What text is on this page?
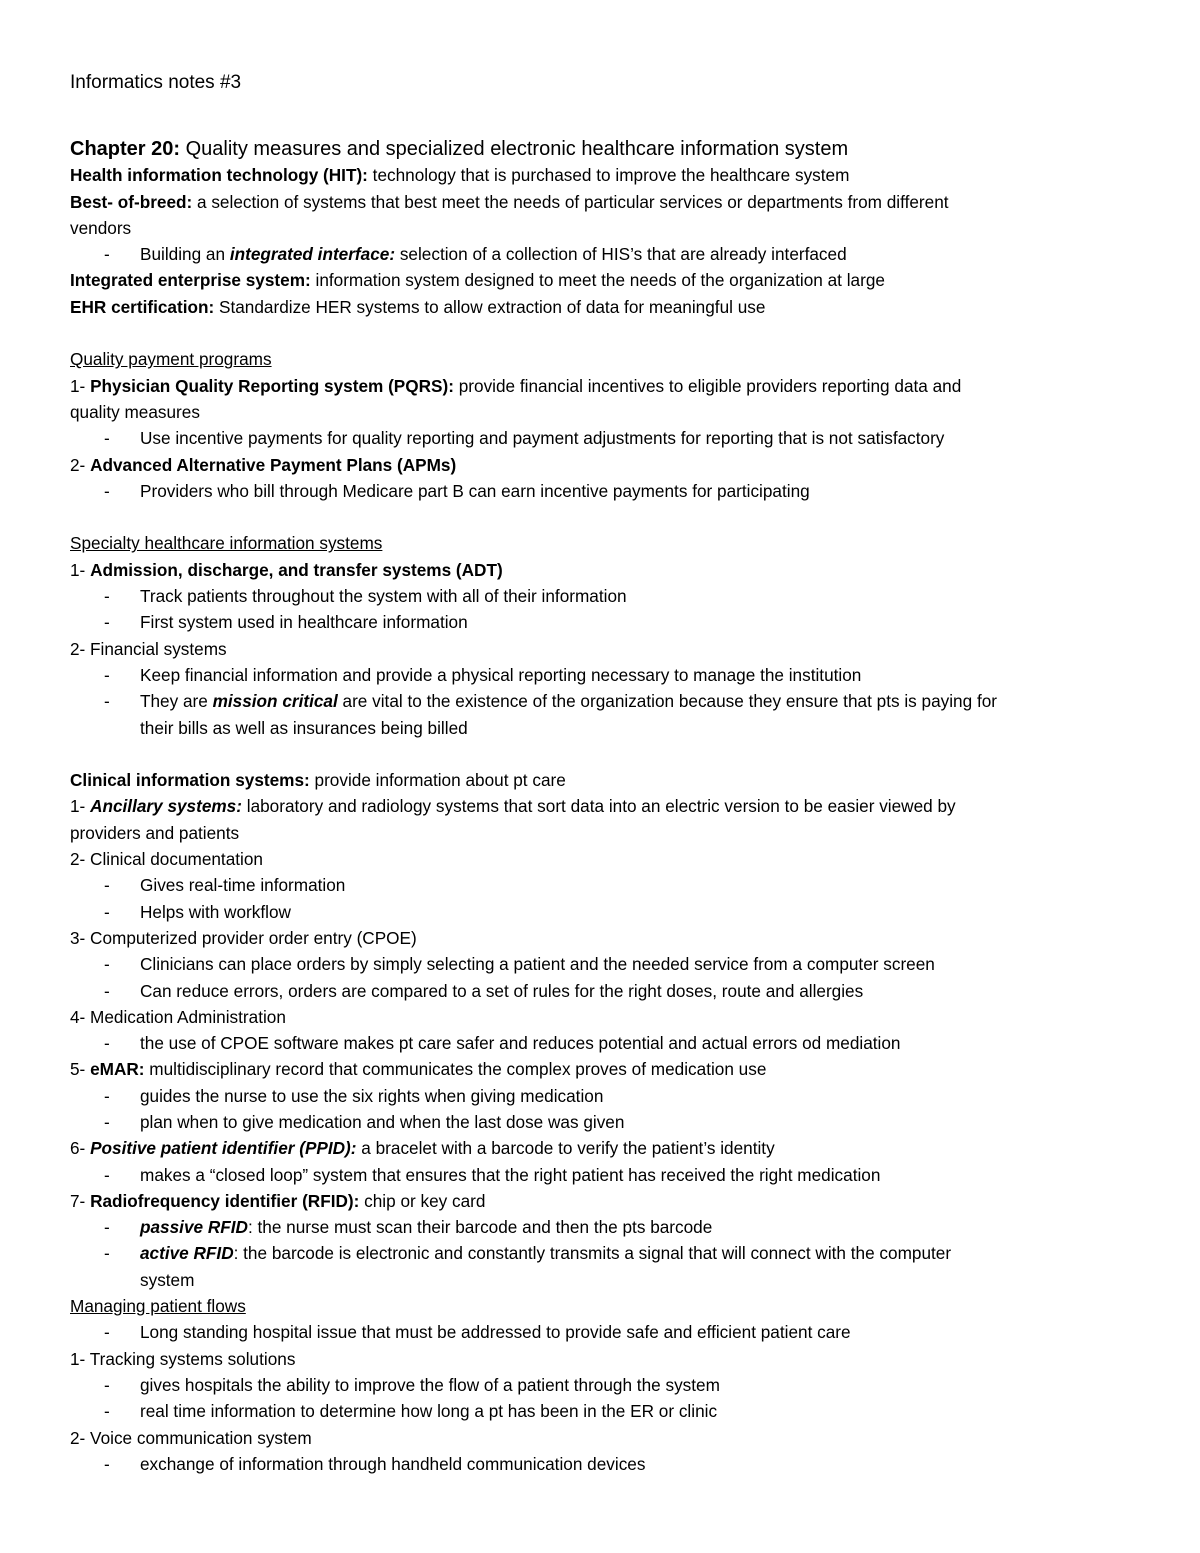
Informatics notes #3
Chapter 20: Quality measures and specialized electronic healthcare information system
Health information technology (HIT): technology that is purchased to improve the healthcare system
Best- of-breed: a selection of systems that best meet the needs of particular services or departments from different
vendors
- Building an integrated interface: selection of a collection of HIS’s that are already interfaced
Integrated enterprise system: information system designed to meet the needs of the organization at large
EHR certification: Standardize HER systems to allow extraction of data for meaningful use
Quality payment programs
1- Physician Quality Reporting system (PQRS): provide financial incentives to eligible providers reporting data and
quality measures
- Use incentive payments for quality reporting and payment adjustments for reporting that is not satisfactory
2- Advanced Alternative Payment Plans (APMs)
- Providers who bill through Medicare part B can earn incentive payments for participating
Specialty healthcare information systems
1- Admission, discharge, and transfer systems (ADT)
- Track patients throughout the system with all of their information
- First system used in healthcare information
2- Financial systems
- Keep financial information and provide a physical reporting necessary to manage the institution
- They are mission critical are vital to the existence of the organization because they ensure that pts is paying for
their bills as well as insurances being billed
Clinical information systems: provide information about pt care
1- Ancillary systems: laboratory and radiology systems that sort data into an electric version to be easier viewed by
providers and patients
2- Clinical documentation
- Gives real-time information
- Helps with workflow
3- Computerized provider order entry (CPOE)
- Clinicians can place orders by simply selecting a patient and the needed service from a computer screen
- Can reduce errors, orders are compared to a set of rules for the right doses, route and allergies
4- Medication Administration
- the use of CPOE software makes pt care safer and reduces potential and actual errors od mediation
5- eMAR: multidisciplinary record that communicates the complex proves of medication use
- guides the nurse to use the six rights when giving medication
- plan when to give medication and when the last dose was given
6- Positive patient identifier (PPID): a bracelet with a barcode to verify the patient’s identity
- makes a “closed loop” system that ensures that the right patient has received the right medication
7- Radiofrequency identifier (RFID): chip or key card
- passive RFID: the nurse must scan their barcode and then the pts barcode
- active RFID: the barcode is electronic and constantly transmits a signal that will connect with the computer
system
Managing patient flows
- Long standing hospital issue that must be addressed to provide safe and efficient patient care
1- Tracking systems solutions
- gives hospitals the ability to improve the flow of a patient through the system
- real time information to determine how long a pt has been in the ER or clinic
2- Voice communication system
- exchange of information through handheld communication devices
